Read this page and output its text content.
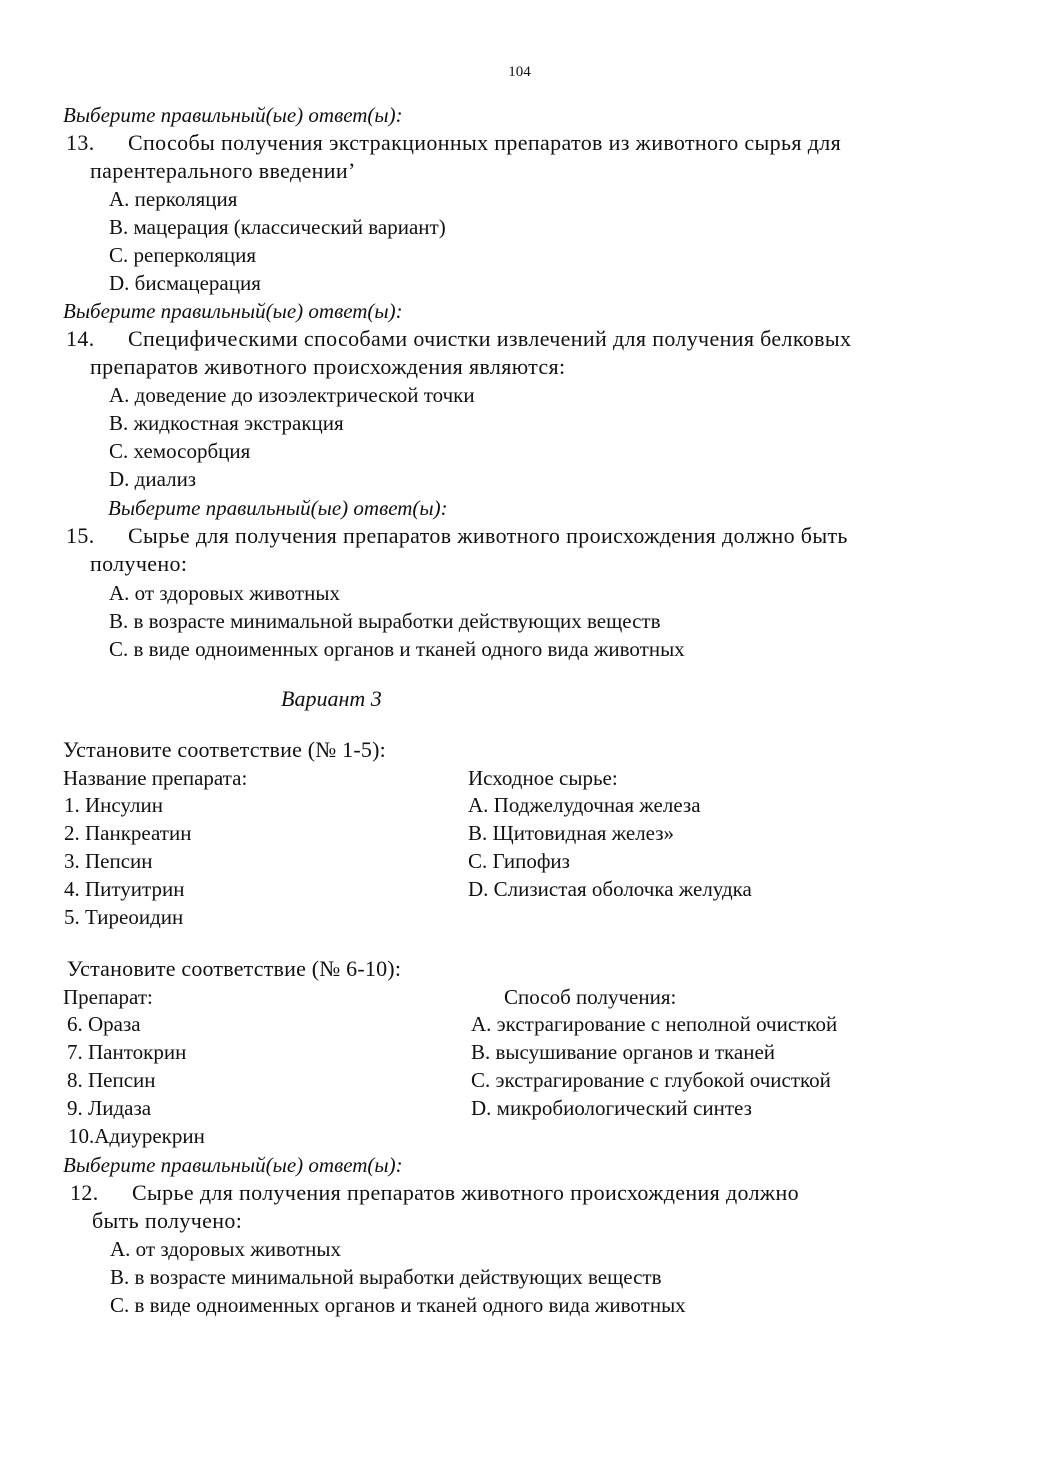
104
Выберите правильный(ые) ответ(ы):
13. Способы получения экстракционных препаратов из животного сырья для
парентерального введении’
A. перколяция
B. мацерация (классический вариант)
C. реперколяция
D. бисмацерация
Выберите правильный(ые) ответ(ы):
14. Специфическими способами очистки извлечений для получения белковых
препаратов животного происхождения являются:
A. доведение до изоэлектрической точки
B. жидкостная экстракция
C. хемосорбция
D. диализ
Выберите правильный(ые) ответ(ы):
15. Сырье для получения препаратов животного происхождения должно быть
получено:
A. от здоровых животных
B. в возрасте минимальной выработки действующих веществ
C. в виде одноименных органов и тканей одного вида животных
Вариант 3
Установите соответствие (№ 1-5):
Название препарата:	Исходное сырье:
1. Инсулин
2. Панкреатин
3. Пепсин
4. Питуитрин
5. Тиреоидин
A. Поджелудочная железа
B. Щитовидная желез»
C. Гипофиз
D. Слизистая оболочка желудка
Установите соответствие (№ 6-10):
Препарат:	Способ получения:
6. Ораза
7. Пантокрин
8. Пепсин
9. Лидаза
10.Адиурекрин
A. экстрагирование с неполной очисткой
B. высушивание органов и тканей
C. экстрагирование с глубокой очисткой
D. микробиологический синтез
Выберите правильный(ые) ответ(ы):
12. Сырье для получения препаратов животного происхождения должно
быть получено:
A. от здоровых животных
B. в возрасте минимальной выработки действующих веществ
C. в виде одноименных органов и тканей одного вида животных
